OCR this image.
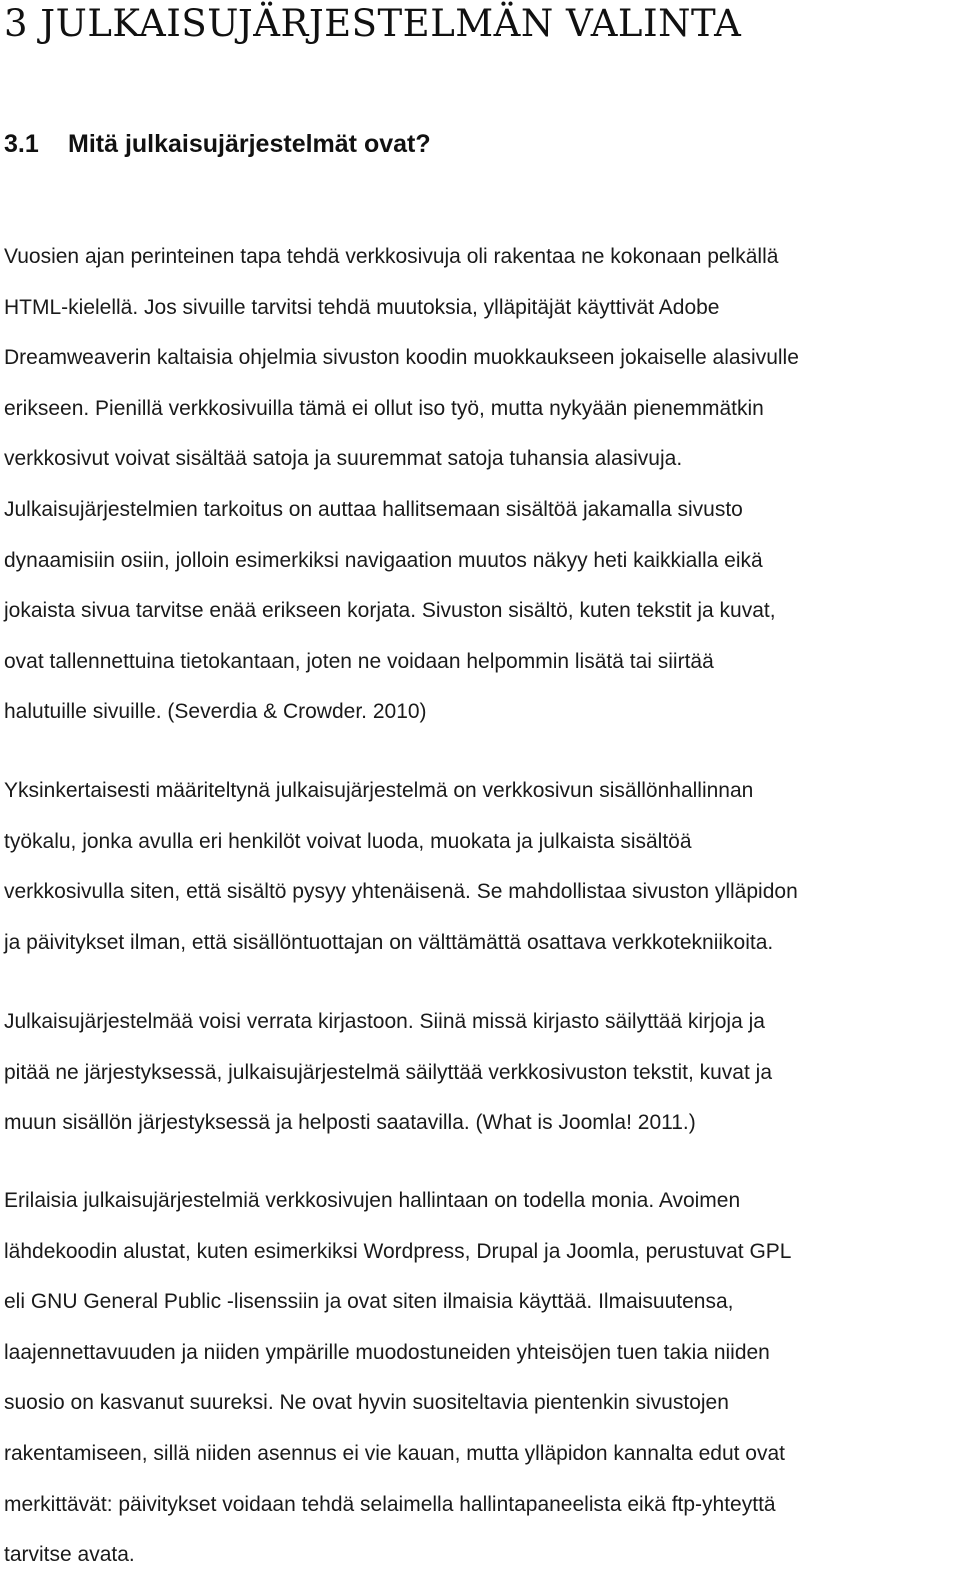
3 JULKAISUJÄRJESTELMÄN VALINTA
3.1 Mitä julkaisujärjestelmät ovat?

Vuosien ajan perinteinen tapa tehdä verkkosivuja oli rakentaa ne kokonaan pelkällä
HTML-kielellä. Jos sivuille tarvitsi tehdä muutoksia, ylläpitäjät käyttivät Adobe
Dreamweaverin kaltaisia ohjelmia sivuston koodin muokkaukseen jokaiselle alasivulle
erikseen. Pienillä verkkosivuilla tämä ei ollut iso työ, mutta nykyään pienemmätkin
verkkosivut voivat sisältää satoja ja suuremmat satoja tuhansia alasivuja.
Julkaisujärjestelmien tarkoitus on auttaa hallitsemaan sisältöä jakamalla sivusto
dynaamisiin osiin, jolloin esimerkiksi navigaation muutos näkyy heti kaikkialla eikä
jokaista sivua tarvitse enää erikseen korjata. Sivuston sisältö, kuten tekstit ja kuvat,
ovat tallennettuina tietokantaan, joten ne voidaan helpommin lisätä tai siirtää
halutuille sivuille. (Severdia & Crowder. 2010)

Yksinkertaisesti määriteltynä julkaisujärjestelmä on verkkosivun sisällönhallinnan
työkalu, jonka avulla eri henkilöt voivat luoda, muokata ja julkaista sisältöä
verkkosivulla siten, että sisältö pysyy yhtenäisenä. Se mahdollistaa sivuston ylläpidon
ja päivitykset ilman, että sisällöntuottajan on välttämättä osattava verkkotekniikoita.

Julkaisujärjestelmää voisi verrata kirjastoon. Siinä missä kirjasto säilyttää kirjoja ja
pitää ne järjestyksessä, julkaisujärjestelmä säilyttää verkkosivuston tekstit, kuvat ja
muun sisällön järjestyksessä ja helposti saatavilla. (What is Joomla! 2011.)

Erilaisia julkaisujärjestelmiä verkkosivujen hallintaan on todella monia. Avoimen
lähdekoodin alustat, kuten esimerkiksi Wordpress, Drupal ja Joomla, perustuvat GPL
eli GNU General Public -lisenssiin ja ovat siten ilmaisia käyttää. Ilmaisuutensa,
laajennettavuuden ja niiden ympärille muodostuneiden yhteisöjen tuen takia niiden
suosio on kasvanut suureksi. Ne ovat hyvin suositeltavia pientenkin sivustojen
rakentamiseen, sillä niiden asennus ei vie kauan, mutta ylläpidon kannalta edut ovat
merkittävät: päivitykset voidaan tehdä selaimella hallintapaneelista eikä ftp-yhteyttä
tarvitse avata.
